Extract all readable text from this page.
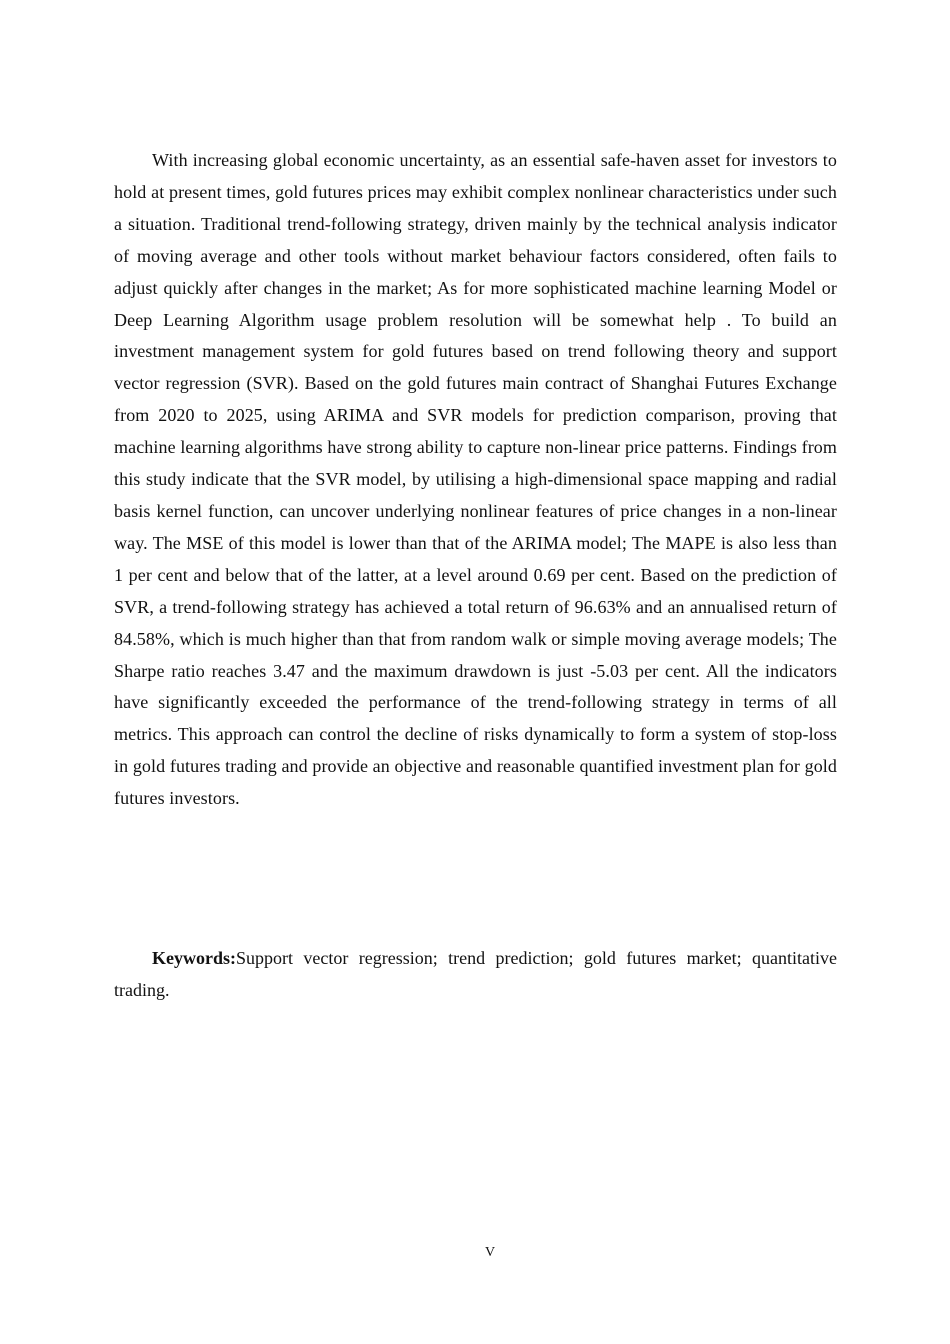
With increasing global economic uncertainty, as an essential safe-haven asset for investors to hold at present times, gold futures prices may exhibit complex nonlinear characteristics under such a situation. Traditional trend-following strategy, driven mainly by the technical analysis indicator of moving average and other tools without market behaviour factors considered, often fails to adjust quickly after changes in the market; As for more sophisticated machine learning Model or Deep Learning Algorithm usage problem resolution will be somewhat help . To build an investment management system for gold futures based on trend following theory and support vector regression (SVR). Based on the gold futures main contract of Shanghai Futures Exchange from 2020 to 2025, using ARIMA and SVR models for prediction comparison, proving that machine learning algorithms have strong ability to capture non-linear price patterns. Findings from this study indicate that the SVR model, by utilising a high-dimensional space mapping and radial basis kernel function, can uncover underlying nonlinear features of price changes in a non-linear way. The MSE of this model is lower than that of the ARIMA model; The MAPE is also less than 1 per cent and below that of the latter, at a level around 0.69 per cent. Based on the prediction of SVR, a trend-following strategy has achieved a total return of 96.63% and an annualised return of 84.58%, which is much higher than that from random walk or simple moving average models; The Sharpe ratio reaches 3.47 and the maximum drawdown is just -5.03 per cent. All the indicators have significantly exceeded the performance of the trend-following strategy in terms of all metrics. This approach can control the decline of risks dynamically to form a system of stop-loss in gold futures trading and provide an objective and reasonable quantified investment plan for gold futures investors.

Keywords:Support vector regression; trend prediction; gold futures market; quantitative trading.

V
